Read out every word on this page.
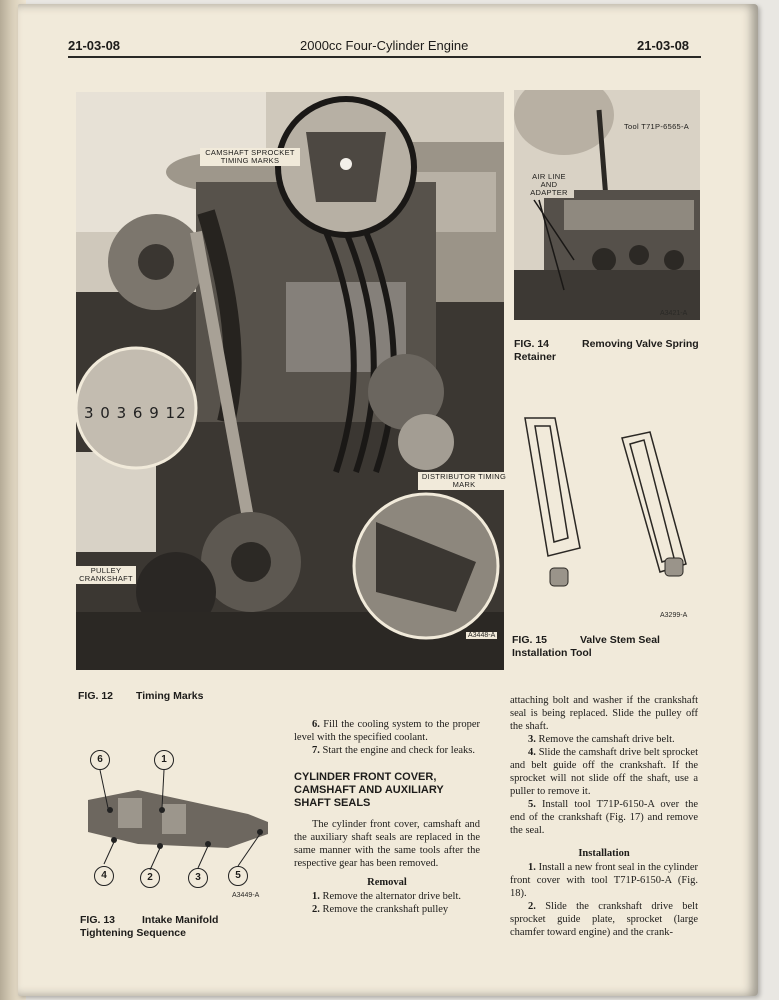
21-03-08	2000cc Four-Cylinder Engine	21-03-08
CAMSHAFT SPROCKET
TIMING MARKS
DISTRIBUTOR TIMING
MARK
PULLEY
CRANKSHAFT
3 0 3 6 9 12
A3448-A
FIG. 12 Timing Marks
Tool T71P-6565-A
AIR LINE
AND
ADAPTER
A3421-A
FIG. 14	Removing Valve Spring
Retainer
A3299-A
FIG. 15	Valve Stem Seal
Installation Tool
6	1
4	2	3	5
A3449-A
FIG. 13	Intake Manifold
Tightening Sequence

6. Fill the cooling system to the proper level with the specified coolant.

7. Start the engine and check for leaks.

CYLINDER FRONT COVER, CAMSHAFT AND AUXILIARY SHAFT SEALS

The cylinder front cover, camshaft and the auxiliary shaft seals are replaced in the same manner with the same tools after the respective gear has been removed.

Removal

1. Remove the alternator drive belt.

2. Remove the crankshaft pulley

attaching bolt and washer if the crankshaft seal is being replaced. Slide the pulley off the shaft.

3. Remove the camshaft drive belt.

4. Slide the camshaft drive belt sprocket and belt guide off the crankshaft. If the sprocket will not slide off the shaft, use a puller to remove it.

5. Install tool T71P-6150-A over the end of the crankshaft (Fig. 17) and remove the seal.

Installation

1. Install a new front seal in the cylinder front cover with tool T71P-6150-A (Fig. 18).

2. Slide the crankshaft drive belt sprocket guide plate, sprocket (large chamfer toward engine) and the crank-
